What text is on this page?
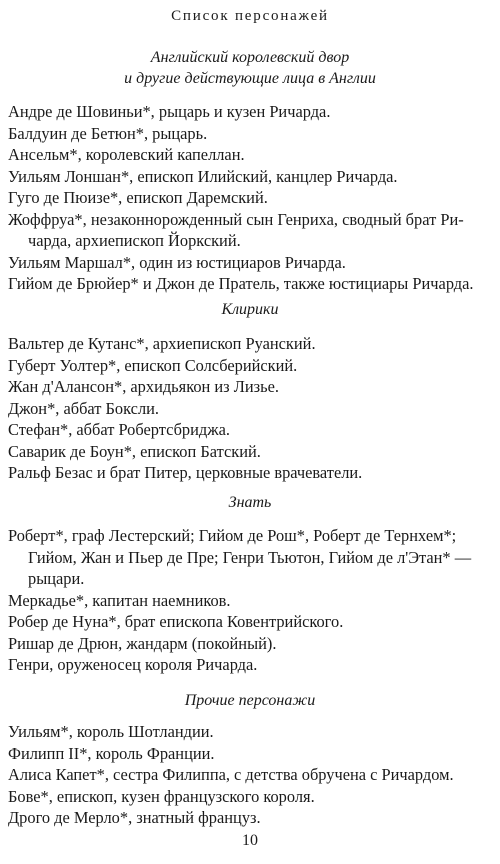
Список персонажей
Английский королевский двор
и другие действующие лица в Англии
Андре де Шовиньи*, рыцарь и кузен Ричарда.
Балдуин де Бетюн*, рыцарь.
Ансельм*, королевский капеллан.
Уильям Лоншан*, епископ Илийский, канцлер Ричарда.
Гуго де Пюизе*, епископ Даремский.
Жоффруа*, незаконнорожденный сын Генриха, сводный брат Ри-
чарда, архиепископ Йоркский.
Уильям Маршал*, один из юстициаров Ричарда.
Гийом де Брюйер* и Джон де Пратель, также юстициары Ричарда.
Клирики
Вальтер де Кутанс*, архиепископ Руанский.
Губерт Уолтер*, епископ Солсберийский.
Жан д'Алансон*, архидьякон из Лизье.
Джон*, аббат Боксли.
Стефан*, аббат Робертсбриджа.
Саварик де Боун*, епископ Батский.
Ральф Безас и брат Питер, церковные врачеватели.
Знать
Роберт*, граф Лестерский; Гийом де Рош*, Роберт де Тернхем*;
Гийом, Жан и Пьер де Пре; Генри Тьютон, Гийом де л'Этан* —
рыцари.
Меркадье*, капитан наемников.
Робер де Нуна*, брат епископа Ковентрийского.
Ришар де Дрюн, жандарм (покойный).
Генри, оруженосец короля Ричарда.
Прочие персонажи
Уильям*, король Шотландии.
Филипп II*, король Франции.
Алиса Капет*, сестра Филиппа, с детства обручена с Ричардом.
Бове*, епископ, кузен французского короля.
Дрого де Мерло*, знатный француз.
10
